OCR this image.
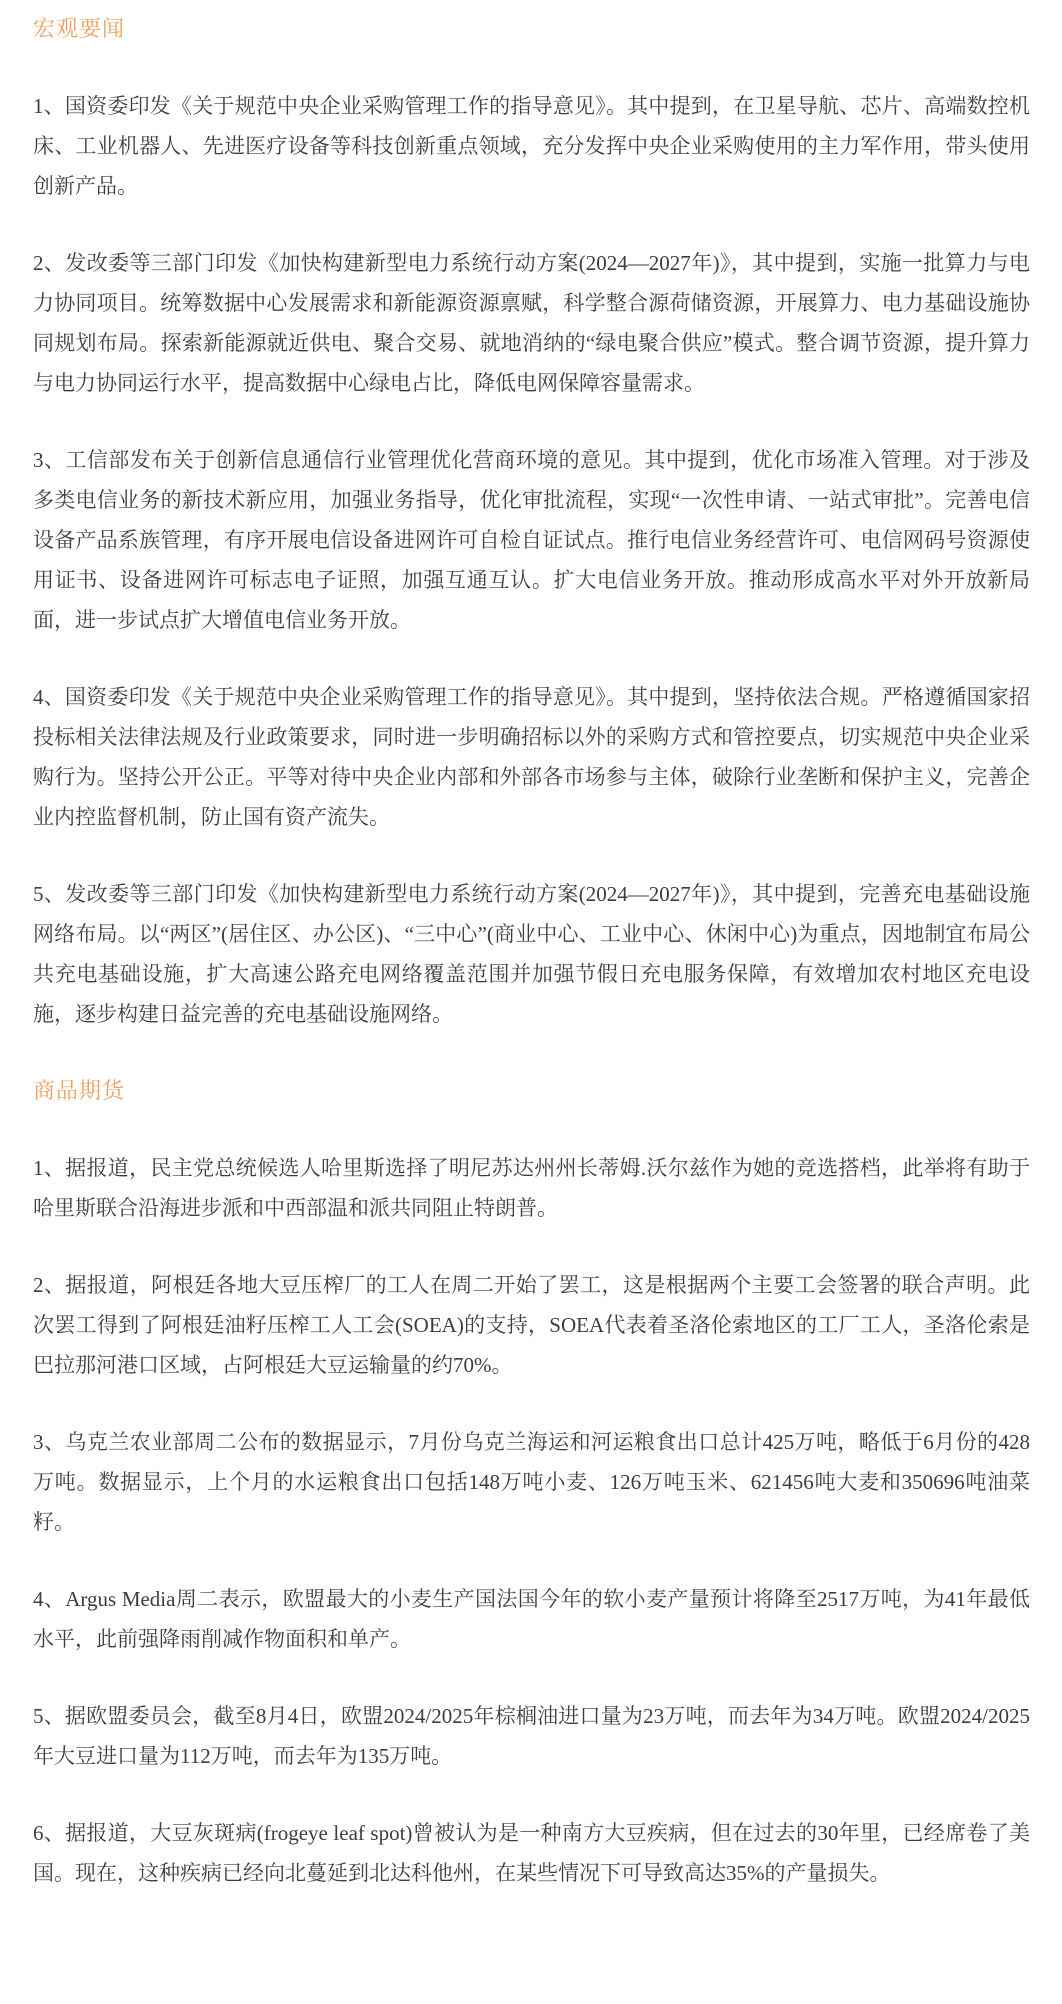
宏观要闻

1、国资委印发《关于规范中央企业采购管理工作的指导意见》。其中提到，在卫星导航、芯片、高端数控机床、工业机器人、先进医疗设备等科技创新重点领域，充分发挥中央企业采购使用的主力军作用，带头使用创新产品。

2、发改委等三部门印发《加快构建新型电力系统行动方案(2024—2027年)》，其中提到，实施一批算力与电力协同项目。统筹数据中心发展需求和新能源资源禀赋，科学整合源荷储资源，开展算力、电力基础设施协同规划布局。探索新能源就近供电、聚合交易、就地消纳的“绿电聚合供应”模式。整合调节资源，提升算力与电力协同运行水平，提高数据中心绿电占比，降低电网保障容量需求。

3、工信部发布关于创新信息通信行业管理优化营商环境的意见。其中提到，优化市场准入管理。对于涉及多类电信业务的新技术新应用，加强业务指导，优化审批流程，实现“一次性申请、一站式审批”。完善电信设备产品系族管理，有序开展电信设备进网许可自检自证试点。推行电信业务经营许可、电信网码号资源使用证书、设备进网许可标志电子证照，加强互通互认。扩大电信业务开放。推动形成高水平对外开放新局面，进一步试点扩大增值电信业务开放。

4、国资委印发《关于规范中央企业采购管理工作的指导意见》。其中提到，坚持依法合规。严格遵循国家招投标相关法律法规及行业政策要求，同时进一步明确招标以外的采购方式和管控要点，切实规范中央企业采购行为。坚持公开公正。平等对待中央企业内部和外部各市场参与主体，破除行业垄断和保护主义，完善企业内控监督机制，防止国有资产流失。

5、发改委等三部门印发《加快构建新型电力系统行动方案(2024—2027年)》，其中提到，完善充电基础设施网络布局。以“两区”(居住区、办公区)、“三中心”(商业中心、工业中心、休闲中心)为重点，因地制宜布局公共充电基础设施，扩大高速公路充电网络覆盖范围并加强节假日充电服务保障，有效增加农村地区充电设施，逐步构建日益完善的充电基础设施网络。

商品期货

1、据报道，民主党总统候选人哈里斯选择了明尼苏达州州长蒂姆.沃尔兹作为她的竞选搭档，此举将有助于哈里斯联合沿海进步派和中西部温和派共同阻止特朗普。

2、据报道，阿根廷各地大豆压榨厂的工人在周二开始了罢工，这是根据两个主要工会签署的联合声明。此次罢工得到了阿根廷油籽压榨工人工会(SOEA)的支持，SOEA代表着圣洛伦索地区的工厂工人，圣洛伦索是巴拉那河港口区域，占阿根廷大豆运输量的约70%。

3、乌克兰农业部周二公布的数据显示，7月份乌克兰海运和河运粮食出口总计425万吨，略低于6月份的428万吨。数据显示，上个月的水运粮食出口包括148万吨小麦、126万吨玉米、621456吨大麦和350696吨油菜籽。

4、Argus Media周二表示，欧盟最大的小麦生产国法国今年的软小麦产量预计将降至2517万吨，为41年最低水平，此前强降雨削减作物面积和单产。

5、据欧盟委员会，截至8月4日，欧盟2024/2025年棕榈油进口量为23万吨，而去年为34万吨。欧盟2024/2025年大豆进口量为112万吨，而去年为135万吨。

6、据报道，大豆灰斑病(frogeye leaf spot)曾被认为是一种南方大豆疾病，但在过去的30年里，已经席卷了美国。现在，这种疾病已经向北蔓延到北达科他州，在某些情况下可导致高达35%的产量损失。
